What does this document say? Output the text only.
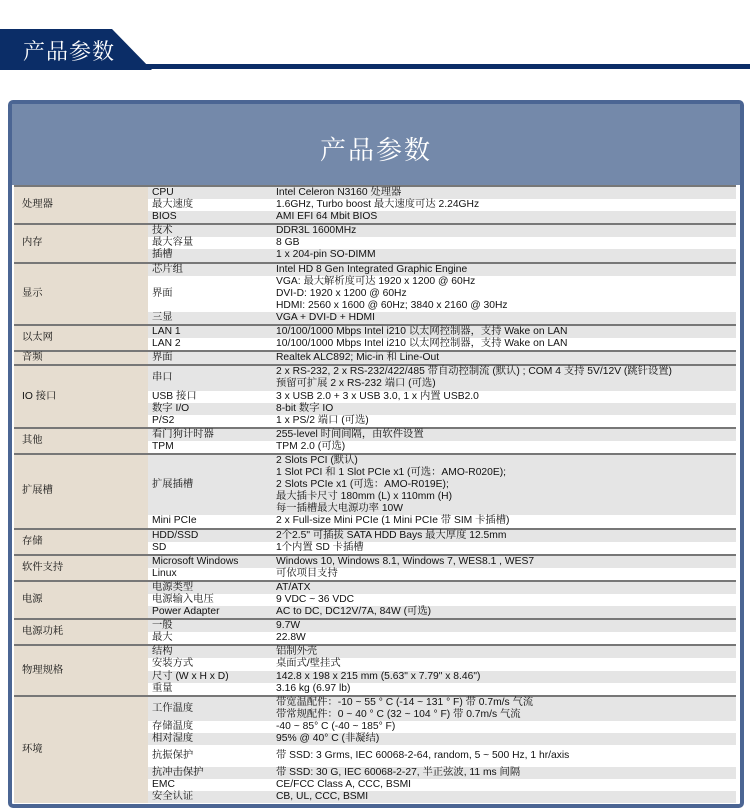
产品参数
产品参数
处理器	CPU	Intel Celeron N3160 处理器

	最大速度	1.6GHz, Turbo boost 最大速度可达 2.24GHz

	BIOS	AMI EFI 64 Mbit BIOS

内存	技术	DDR3L 1600MHz

	最大容量	8 GB

	插槽	1 x 204-pin SO-DIMM

显示	芯片组	Intel HD 8 Gen Integrated Graphic Engine

	界面	VGA: 最大解析度可达 1920 x 1200 @ 60Hz
DVI-D: 1920 x 1200 @ 60Hz
HDMI: 2560 x 1600 @ 60Hz; 3840 x 2160 @ 30Hz

	三显	VGA + DVI-D + HDMI

以太网	LAN 1	10/100/1000 Mbps Intel i210 以太网控制器，支持 Wake on LAN

	LAN 2	10/100/1000 Mbps Intel i210 以太网控制器，支持 Wake on LAN

音频	界面	Realtek ALC892; Mic-in 和 Line-Out

IO 接口	串口	2 x RS-232, 2 x RS-232/422/485 带自动控制流 (默认) ; COM 4 支持 5V/12V (跳针设置)
预留可扩展 2 x RS-232 端口 (可选)

	USB 接口	3 x USB 2.0 + 3 x USB 3.0, 1 x 内置 USB2.0

	数字 I/O	8-bit 数字 IO

	P/S2	1 x PS/2 端口 (可选)

其他	看门狗计时器	255-level 时间间隔，由软件设置

	TPM	TPM 2.0 (可选)

扩展槽	扩展插槽	2 Slots PCI (默认)
1 Slot PCI 和 1 Slot PCIe x1 (可选：AMO-R020E);
2 Slots PCIe x1 (可选：AMO-R019E);
最大插卡尺寸 180mm (L) x 110mm (H)
每一插槽最大电源功率 10W

	Mini PCIe	2 x Full-size Mini PCIe (1 Mini PCIe 带 SIM 卡插槽)

存储	HDD/SSD	2个2.5" 可插拔 SATA HDD Bays 最大厚度 12.5mm

	SD	1个内置 SD 卡插槽

软件支持	Microsoft Windows	Windows 10, Windows 8.1, Windows 7, WES8.1 , WES7

	Linux	可依项目支持

电源	电源类型	AT/ATX

	电源输入电压	9 VDC ~ 36 VDC

	Power Adapter	AC to DC, DC12V/7A, 84W (可选)

电源功耗	一般	9.7W

	最大	22.8W

物理规格	结构	铝制外壳

	安装方式	桌面式/壁挂式

	尺寸 (W x H x D)	142.8 x 198 x 215 mm (5.63" x 7.79" x 8.46")

	重量	3.16 kg (6.97 lb)

环境	工作温度	带宽温配件：-10 ~ 55 ° C (-14 ~ 131 ° F) 带 0.7m/s 气流
带常规配件：0 ~ 40 ° C (32 ~ 104 ° F) 带 0.7m/s 气流

	存储温度	-40 ~ 85° C (-40 ~ 185° F)

	相对湿度	95% @ 40° C (非凝结)

	抗振保护	带 SSD: 3 Grms, IEC 60068-2-64, random, 5 ~ 500 Hz, 1 hr/axis

	抗冲击保护	带 SSD: 30 G, IEC 60068-2-27, 半正弦波, 11 ms 间隔

	EMC	CE/FCC Class A, CCC, BSMI

	安全认证	CB, UL, CCC, BSMI
